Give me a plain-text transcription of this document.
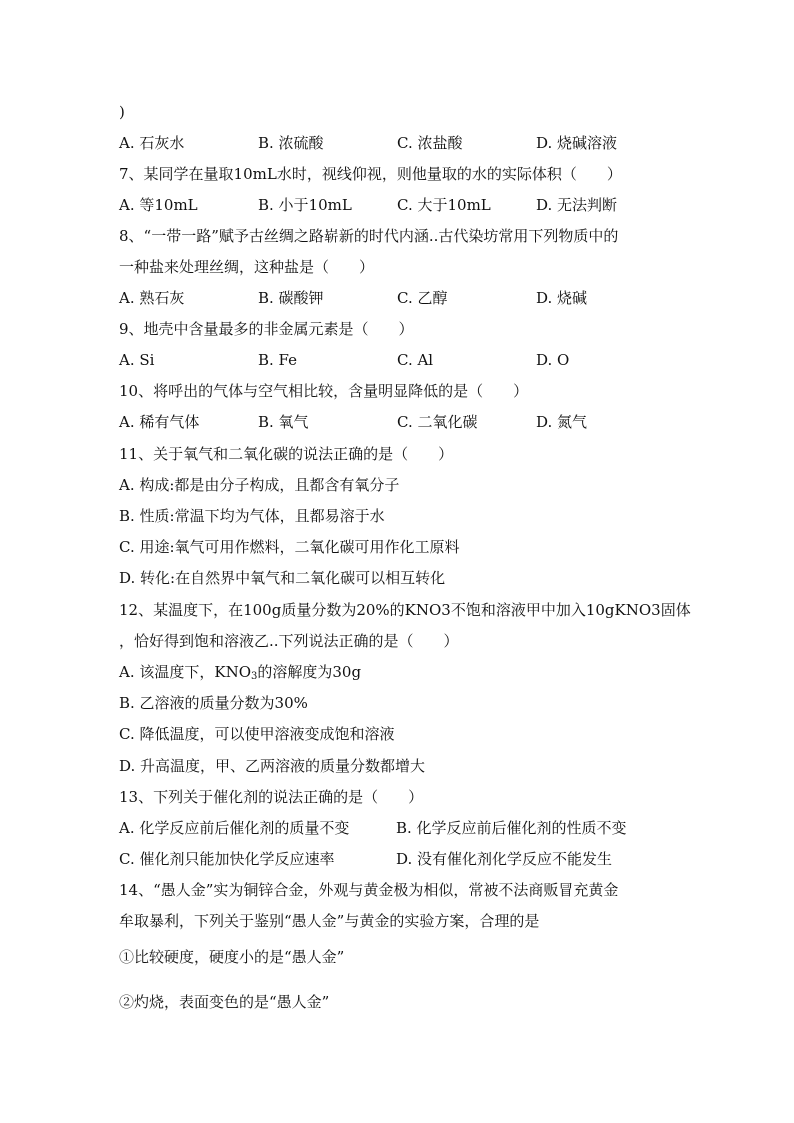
)
A. 石灰水	B. 浓硫酸	C. 浓盐酸	D. 烧碱溶液
7、某同学在量取10mL水时，视线仰视，则他量取的水的实际体积（　　）
A. 等10mL	B. 小于10mL	C. 大于10mL	D. 无法判断
8、“一带一路”赋予古丝绸之路崭新的时代内涵..古代染坊常用下列物质中的
一种盐来处理丝绸，这种盐是（　　）
A. 熟石灰	B. 碳酸钾	C. 乙醇	D. 烧碱
9、地壳中含量最多的非金属元素是（　　）
A. Si	B. Fe	C. Al	D. O
10、将呼出的气体与空气相比较，含量明显降低的是（　　）
A. 稀有气体	B. 氧气	C. 二氧化碳	D. 氮气
11、关于氧气和二氧化碳的说法正确的是（　　）
A. 构成:都是由分子构成，且都含有氧分子
B. 性质:常温下均为气体，且都易溶于水
C. 用途:氧气可用作燃料，二氧化碳可用作化工原料
D. 转化:在自然界中氧气和二氧化碳可以相互转化
12、某温度下，在100g质量分数为20%的KNO3不饱和溶液甲中加入10gKNO3固体
，恰好得到饱和溶液乙..下列说法正确的是（　　）
A. 该温度下，$KNO_3$的溶解度为30g
B. 乙溶液的质量分数为30%
C. 降低温度，可以使甲溶液变成饱和溶液
D. 升高温度，甲、乙两溶液的质量分数都增大
13、下列关于催化剂的说法正确的是（　　）
A. 化学反应前后催化剂的质量不变	B. 化学反应前后催化剂的性质不变
C. 催化剂只能加快化学反应速率	D. 没有催化剂化学反应不能发生
14、“愚人金”实为铜锌合金，外观与黄金极为相似，常被不法商贩冒充黄金
牟取暴利，下列关于鉴别“愚人金”与黄金的实验方案，合理的是
①比较硬度，硬度小的是“愚人金”
②灼烧，表面变色的是“愚人金”
